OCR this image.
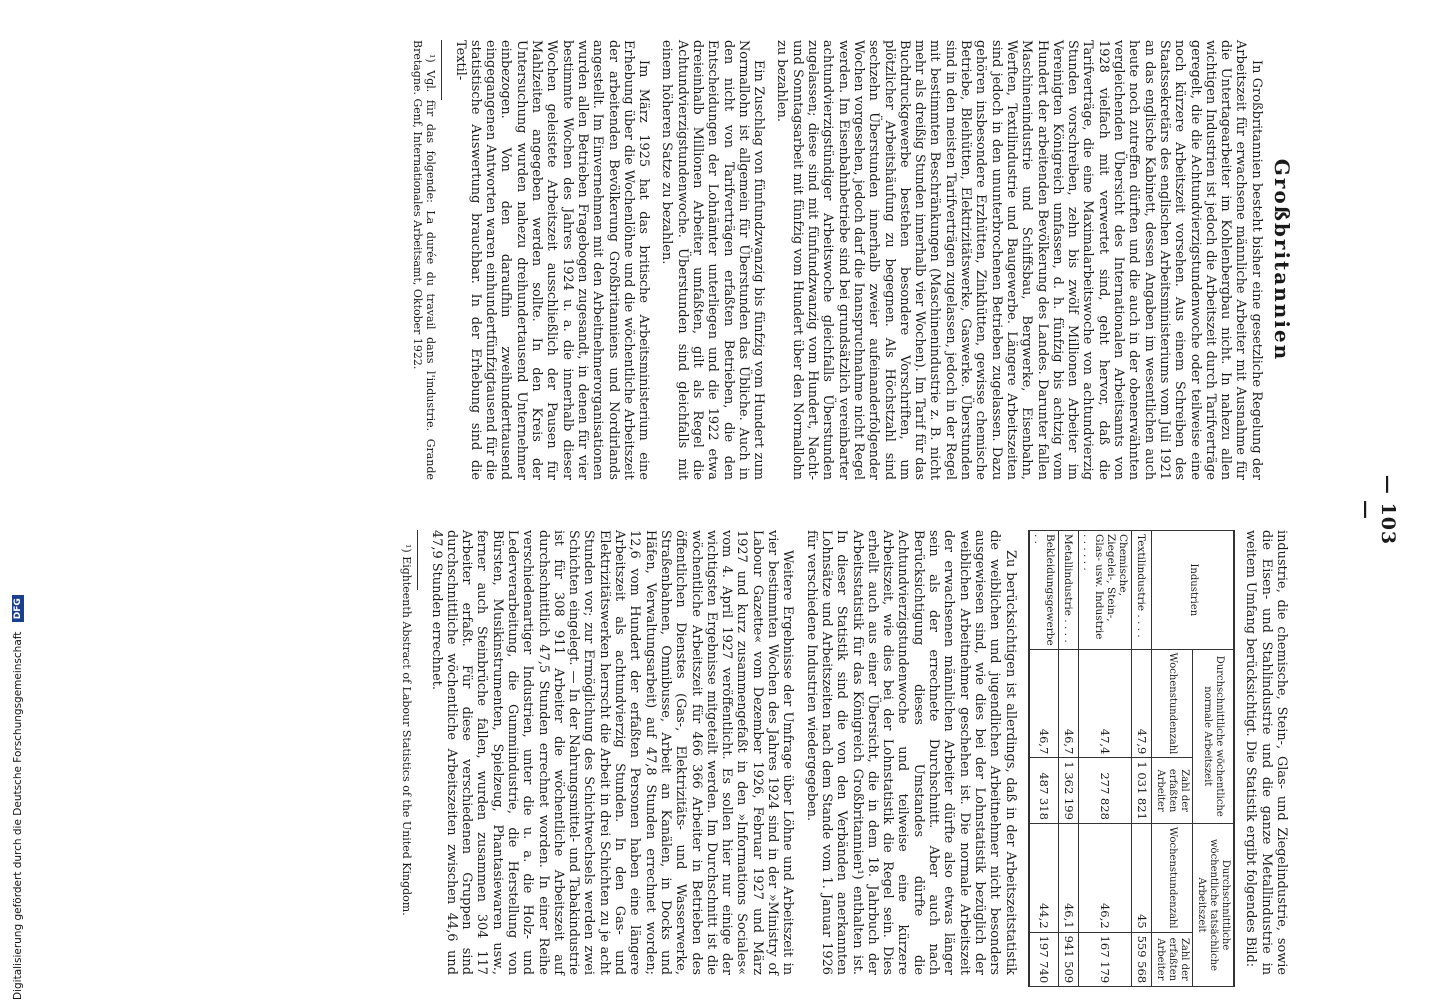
— 103 —
Großbritannien

In Großbritannien besteht bisher eine gesetzliche Regelung der Arbeitszeit für erwachsene männliche Arbeiter mit Ausnahme für die Untertagearbeiter im Kohlenbergbau nicht. In nahezu allen wichtigen Industrien ist jedoch die Arbeitszeit durch Tarifverträge geregelt, die die Achtundvierzigstundenwoche oder teilweise eine noch kürzere Arbeitszeit vorsehen. Aus einem Schreiben des Staatssekretärs des englischen Arbeitsministeriums vom Juli 1921 an das englische Kabinett, dessen Angaben im wesentlichen auch heute noch zutreffen dürften und die auch in der obenerwähnten vergleichenden Übersicht des Internationalen Arbeitsamts von 1928 vielfach mit verwertet sind, geht hervor, daß die Tarifverträge, die eine Maximalarbeitswoche von achtundvierzig Stunden vorschreiben, zehn bis zwölf Millionen Arbeiter im Vereinigten Königreich umfassen, d. h. fünfzig bis achtzig vom Hundert der arbeitenden Bevölkerung des Landes. Darunter fallen Maschinenindustrie und Schiffsbau, Bergwerke, Eisenbahn, Werften, Textilindustrie und Baugewerbe. Längere Arbeitszeiten sind jedoch in den ununterbrochenen Betrieben zugelassen. Dazu gehören insbesondere Erzhütten, Zinkhütten, gewisse chemische Betriebe, Bleihütten, Elektrizitätswerke, Gaswerke. Überstunden sind in den meisten Tarifverträgen zugelassen, jedoch in der Regel mit bestimmten Beschränkungen (Maschinenindustrie z. B. nicht mehr als dreißig Stunden innerhalb vier Wochen). Im Tarif für das Buchdruckgewerbe bestehen besondere Vorschriften, um plötzlicher Arbeitshäufung zu begegnen. Als Höchstzahl sind sechzehn Überstunden innerhalb zweier aufeinanderfolgender Wochen vorgesehen, jedoch darf die Inanspruchnahme nicht Regel werden. Im Eisenbahnbetriebe sind bei grundsätzlich vereinbarter achtundvierzigstündiger Arbeitswoche gleichfalls Überstunden zugelassen; diese sind mit fünfundzwanzig vom Hundert, Nacht- und Sonntagsarbeit mit fünfzig vom Hundert über den Normallohn zu bezahlen.

Ein Zuschlag von fünfundzwanzig bis fünfzig vom Hundert zum Normallohn ist allgemein für Überstunden das Übliche. Auch in den nicht von Tarifverträgen erfaßten Betrieben, die den Entscheidungen der Lohnämter unterliegen und die 1922 etwa dreieinhalb Millionen Arbeiter umfaßten, gilt als Regel die Achtundvierzigstundenwoche. Überstunden sind gleichfalls mit einem höheren Satze zu bezahlen.

Im März 1925 hat das britische Arbeitsministerium eine Erhebung über die Wochenlöhne und die wöchentliche Arbeitszeit der arbeitenden Bevölkerung Großbritanniens und Nordirlands angestellt. Im Einvernehmen mit den Arbeitnehmerorganisationen wurden allen Betrieben Fragebogen zugesandt, in denen für vier bestimmte Wochen des Jahres 1924 u. a. die innerhalb dieser Wochen geleistete Arbeitszeit ausschließlich der Pausen für Mahlzeiten angegeben werden sollte. In den Kreis der Untersuchung wurden nahezu dreihundertausend Unternehmer einbezogen. Von den daraufhin zweihunderttausend eingegangenen Antworten waren einhundertfünfzigtausend für die statistische Auswertung brauchbar. In der Erhebung sind die Textil-

¹) Vgl. für das folgende: La durée du travail dans l'industrie. Grande Bretagne. Genf, Internationales Arbeitsamt, Oktober 1922.

industrie, die chemische, Stein-, Glas- und Ziegelindustrie, sowie die Eisen- und Stahlindustrie und die ganze Metallindustrie in weitem Umfang berücksichtigt. Die Statistik ergibt folgendes Bild:

Industrien	Durchschnittliche wöchentliche normale Arbeitszeit		Durchschnittliche wöchentliche tatsächliche Arbeitszeit	
	Wochenstundenzahl	Zahl der erfaßten Arbeiter	Wochenstundenzahl	Zahl der erfaßten Arbeiter
Textilindustrie . . . .	47,9	1 031 821	45	559 568
Chemische, Ziegelei-, Stein-, Glas- usw. Industrie . . . . . .	47,4	277 828	46,2	167 179
Metallindustrie . . . .	46,7	1 362 199	46,1	941 509
Bekleidungsgewerbe . .	46,7	487 318	44,2	197 740

Zu berücksichtigen ist allerdings, daß in der Arbeitszeitstatistik die weiblichen und jugendlichen Arbeitnehmer nicht besonders ausgewiesen sind, wie dies bei der Lohnstatistik bezüglich der weiblichen Arbeitnehmer geschehen ist. Die normale Arbeitszeit der erwachsenen männlichen Arbeiter dürfte also etwas länger sein als der errechnete Durchschnitt. Aber auch nach Berücksichtigung dieses Umstandes dürfte die Achtundvierzigstundenwoche und teilweise eine kürzere Arbeitszeit, wie dies bei der Lohnstatistik die Regel sein. Dies erhellt auch aus einer Übersicht, die in dem 18. Jahrbuch der Arbeitsstatistik für das Königreich Großbritannien¹) enthalten ist. In dieser Statistik sind die von den Verbänden anerkannten Lohnsätze und Arbeitszeiten nach dem Stande vom 1. Januar 1926 für verschiedene Industrien wiedergegeben.

Weitere Ergebnisse der Umfrage über Löhne und Arbeitszeit in vier bestimmten Wochen des Jahres 1924 sind in der »Ministry of Labour Gazette« vom Dezember 1926, Februar 1927 und März 1927 und kurz zusammengefaßt in den »Informations Sociales« vom 4. April 1927 veröffentlicht. Es sollen hier nur einige der wichtigsten Ergebnisse mitgeteilt werden. Im Durchschnitt ist die wöchentliche Arbeitszeit für 466 366 Arbeiter in Betrieben des öffentlichen Dienstes (Gas-, Elektrizitäts- und Wasserwerke, Straßenbahnen, Omnibusse, Arbeit an Kanälen, in Docks und Häfen, Verwaltungsarbeit) auf 47,8 Stunden errechnet worden; 12,6 vom Hundert der erfaßten Personen haben eine längere Arbeitszeit als achtundvierzig Stunden. In den Gas- und Elektrizitätswerken herrscht die Arbeit in drei Schichten zu je acht Stunden vor; zur Ermöglichung des Schichtwechsels werden zwei Schichten eingelegt. — In der Nahrungsmittel- und Tabakindustrie ist für 308 911 Arbeiter die wöchentliche Arbeitszeit auf durchschnittlich 47,5 Stunden errechnet worden. In einer Reihe verschiedenartiger Industrien, unter die u. a. die Holz- und Lederverarbeitung, die Gummiindustrie, die Herstellung von Bürsten, Musikinstrumenten, Spielzeug, Phantasiewaren usw., ferner auch Steinbrüche fallen, wurden zusammen 304 117 Arbeiter erfaßt. Für diese verschiedenen Gruppen sind durchschnittliche wöchentliche Arbeitszeiten zwischen 44,6 und 47,9 Stunden errechnet.

¹) Eighteenth Abstract of Labour Statistics of the United Kingdom.

Digitalisierung gefördert durch die Deutsche Forschungsgemeinschaft DFG
